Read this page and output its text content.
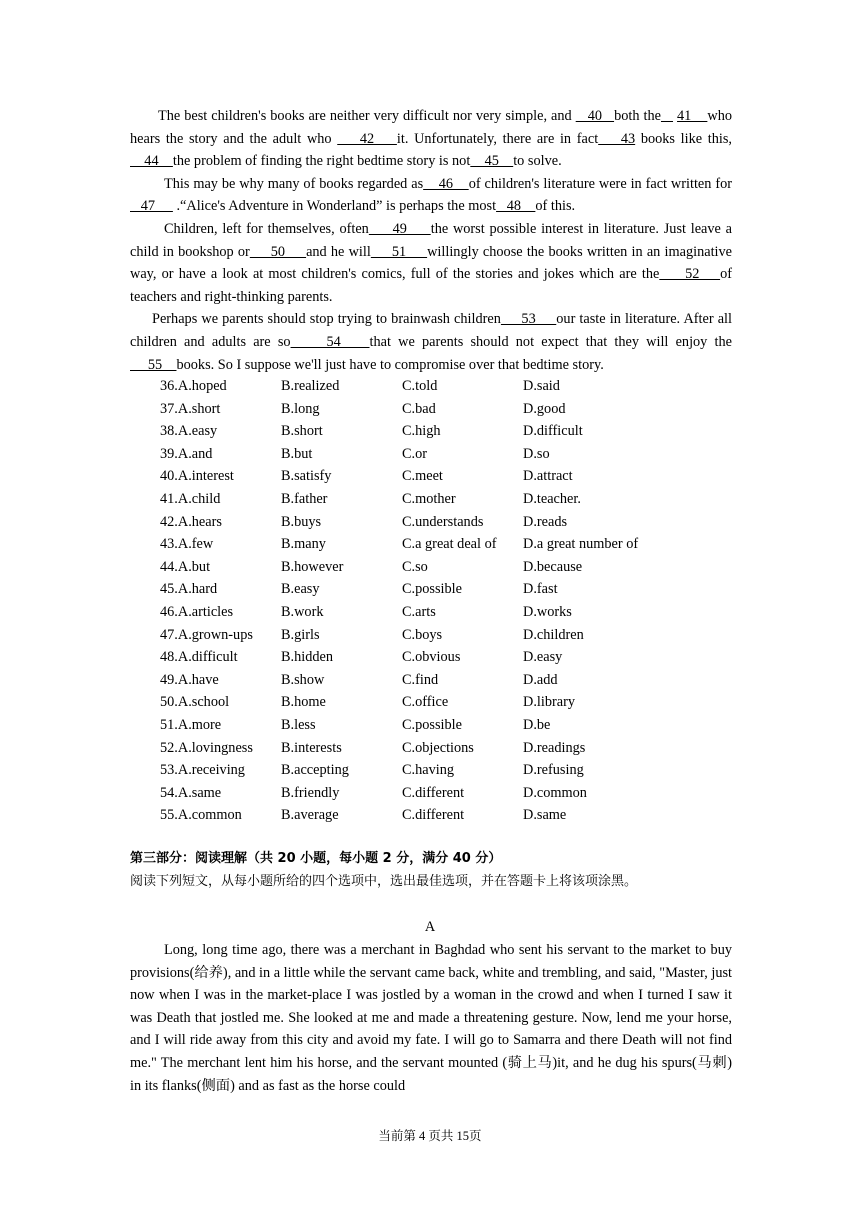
The best children's books are neither very difficult nor very simple, and    40   both the 41    who hears the story and the adult who     42    it. Unfortunately, there are in fact    43 books like this,    44    the problem of finding the right bedtime story is not    45    to solve.

This may be why many of books regarded as    46    of children's literature were in fact written for   47      .“Alice's Adventure in Wonderland” is perhaps the most   48    of this.

Children, left for themselves, often     49     the worst possible interest in literature. Just leave a child in bookshop or     50     and he will     51     willingly choose the books written in an imaginative way, or have a look at most children's comics, full of the stories and jokes which are the     52    of teachers and right-thinking parents.

Perhaps we parents should stop trying to brainwash children     53     our taste in literature. After all children and adults are so     54    that we parents should not expect that they will enjoy the     55    books. So I suppose we'll just have to compromise over that bedtime story.

36.A.hoped	B.realized	C.told	D.said
37.A.short	B.long	C.bad	D.good
38.A.easy	B.short	C.high	D.difficult
39.A.and	B.but	C.or	D.so
40.A.interest	B.satisfy	C.meet	D.attract
41.A.child	B.father	C.mother	D.teacher.
42.A.hears	B.buys	C.understands	D.reads
43.A.few	B.many	C.a great deal of	D.a great number of
44.A.but	B.however	C.so	D.because
45.A.hard	B.easy	C.possible	D.fast
46.A.articles	B.work	C.arts	D.works
47.A.grown-ups	B.girls	C.boys	D.children
48.A.difficult	B.hidden	C.obvious	D.easy
49.A.have	B.show	C.find	D.add
50.A.school	B.home	C.office	D.library
51.A.more	B.less	C.possible	D.be
52.A.lovingness	B.interests	C.objections	D.readings
53.A.receiving	B.accepting	C.having	D.refusing
54.A.same	B.friendly	C.different	D.common
55.A.common	B.average	C.different	D.same
第三部分：阅读理解（共 20 小题，每小题 2 分，满分 40 分）
阅读下列短文，从每小题所给的四个选项中，选出最佳选项，并在答题卡上将该项涂黑。
A

Long, long time ago, there was a merchant in Baghdad who sent his servant to the market to buy provisions(给养), and in a little while the servant came back, white and trembling, and said, "Master, just now when I was in the market-place I was jostled by a woman in the crowd and when I turned I saw it was Death that jostled me. She looked at me and made a threatening gesture. Now, lend me your horse, and I will ride away from this city and avoid my fate. I will go to Samarra and there Death will not find me." The merchant lent him his horse, and the servant mounted (骑上马)it, and he dug his spurs(马刺) in its flanks(侧面) and as fast as the horse could

当前第 4 页共 15页
